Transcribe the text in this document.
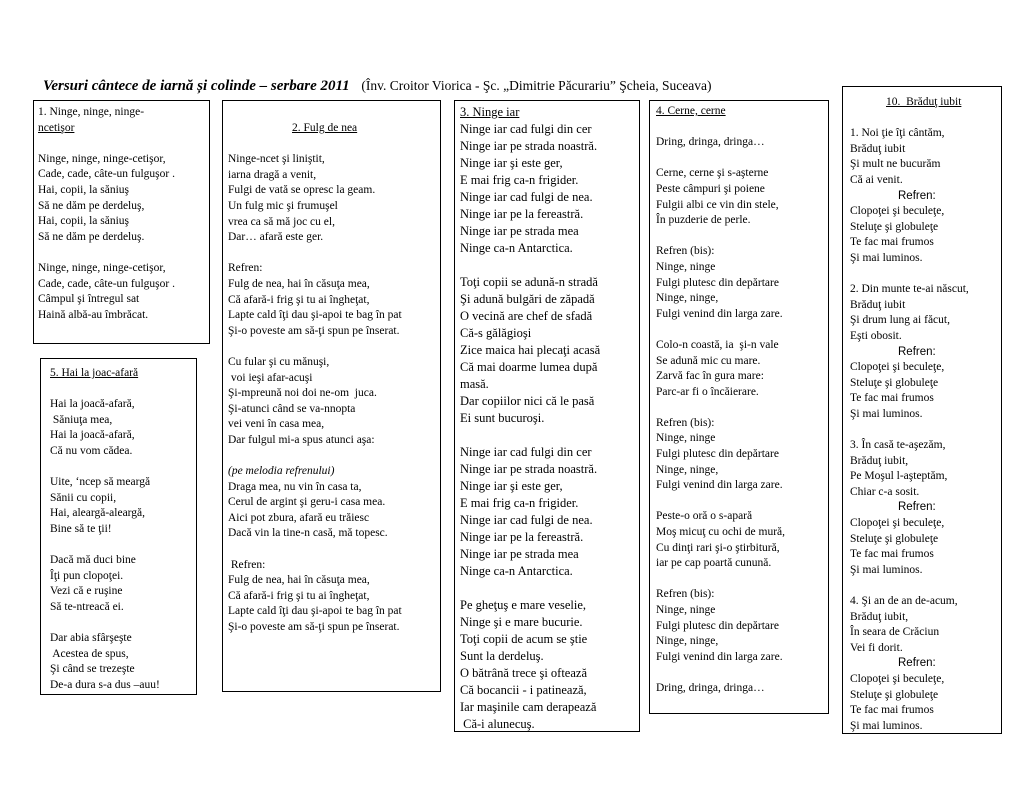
Versuri cântece de iarnă și colinde – serbare 2011 (Înv. Croitor Viorica - Şc. „Dimitrie Păcurariu” Şcheia, Suceava)
1. Ninge, ninge, ninge-
ncetişor
Ninge, ninge, ninge-cetişor,
Cade, cade, câte-un fulguşor .
Hai, copii, la săniuş
Să ne dăm pe derdeluş,
Hai, copii, la săniuş
Să ne dăm pe derdeluş.
Ninge, ninge, ninge-cetişor,
Cade, cade, câte-un fulguşor .
Câmpul şi întregul sat
Haină albă-au îmbrăcat.
2. Fulg de nea
Ninge-ncet şi liniştit,
iarna dragă a venit,
Fulgi de vată se opresc la geam.
Un fulg mic şi frumuşel
vrea ca să mă joc cu el,
Dar… afară este ger.
Refren:
Fulg de nea, hai în căsuţa mea,
Că afară-i frig şi tu ai îngheţat,
Lapte cald îţi dau şi-apoi te bag în pat
Şi-o poveste am să-ţi spun pe înserat.
Cu fular şi cu mănuşi,
voi ieşi afar-acuşi
Şi-mpreună noi doi ne-om  juca.
Şi-atunci când se va-nnopta
vei veni în casa mea,
Dar fulgul mi-a spus atunci aşa:
(pe melodia refrenului)
Draga mea, nu vin în casa ta,
Cerul de argint şi geru-i casa mea.
Aici pot zbura, afară eu trăiesc
Dacă vin la tine-n casă, mă topesc.
Refren:
Fulg de nea, hai în căsuţa mea,
Că afară-i frig şi tu ai îngheţat,
Lapte cald îţi dau şi-apoi te bag în pat
Şi-o poveste am să-ţi spun pe înserat.
3. Ninge iar
Ninge iar cad fulgi din cer
Ninge iar pe strada noastră.
Ninge iar şi este ger,
E mai frig ca-n frigider.
Ninge iar cad fulgi de nea.
Ninge iar pe la fereastră.
Ninge iar pe strada mea
Ninge ca-n Antarctica.
Toţi copii se adună-n stradă
Şi adună bulgări de zăpadă
O vecină are chef de sfadă
Că-s gălăgioşi
Zice maica hai plecaţi acasă
Că mai doarme lumea după
masă.
Dar copiilor nici că le pasă
Ei sunt bucuroşi.
Ninge iar cad fulgi din cer
Ninge iar pe strada noastră.
Ninge iar şi este ger,
E mai frig ca-n frigider.
Ninge iar cad fulgi de nea.
Ninge iar pe la fereastră.
Ninge iar pe strada mea
Ninge ca-n Antarctica.
Pe gheţuş e mare veselie,
Ninge şi e mare bucurie.
Toţi copii de acum se ştie
Sunt la derdeluş.
O bătrână trece şi oftează
Că bocancii - i patinează,
Iar maşinile cam derapează
Că-i alunecuş.
4. Cerne, cerne
Dring, dringa, dringa…
Cerne, cerne şi s-aşterne
Peste câmpuri şi poiene
Fulgii albi ce vin din stele,
În puzderie de perle.
Refren (bis):
Ninge, ninge
Fulgi plutesc din depărtare
Ninge, ninge,
Fulgi venind din larga zare.
Colo-n coastă, ia  şi-n vale
Se adună mic cu mare.
Zarvă fac în gura mare:
Parc-ar fi o încăierare.
Refren (bis):
Ninge, ninge
Fulgi plutesc din depărtare
Ninge, ninge,
Fulgi venind din larga zare.
Peste-o oră o s-apară
Moş micuţ cu ochi de mură,
Cu dinţi rari şi-o ştirbitură,
iar pe cap poartă cunună.
Refren (bis):
Ninge, ninge
Fulgi plutesc din depărtare
Ninge, ninge,
Fulgi venind din larga zare.
Dring, dringa, dringa…
5. Hai la joac-afară
Hai la joacă-afară,
Săniuţa mea,
Hai la joacă-afară,
Că nu vom cădea.
Uite, ‘ncep să meargă
Sănii cu copii,
Hai, aleargă-aleargă,
Bine să te ţii!
Dacă mă duci bine
Îţi pun clopoţei.
Vezi că e ruşine
Să te-ntreacă ei.
Dar abia sfârşeşte
Acestea de spus,
Şi când se trezeşte
De-a dura s-a dus –auu!
10.  Brăduţ iubit
1. Noi ţie îţi cântăm,
Brăduţ iubit
Şi mult ne bucurăm
Că ai venit.
Refren:
Clopoţei şi beculeţe,
Steluţe şi globuleţe
Te fac mai frumos
Şi mai luminos.
2. Din munte te-ai născut,
Brăduţ iubit
Şi drum lung ai făcut,
Eşti obosit.
Refren:
Clopoţei şi beculeţe,
Steluţe şi globuleţe
Te fac mai frumos
Şi mai luminos.
3. În casă te-aşezăm,
Brăduţ iubit,
Pe Moşul l-aşteptăm,
Chiar c-a sosit.
Refren:
Clopoţei şi beculeţe,
Steluţe şi globuleţe
Te fac mai frumos
Şi mai luminos.
4. Şi an de an de-acum,
Brăduţ iubit,
În seara de Crăciun
Vei fi dorit.
Refren:
Clopoţei şi beculeţe,
Steluţe şi globuleţe
Te fac mai frumos
Şi mai luminos.
